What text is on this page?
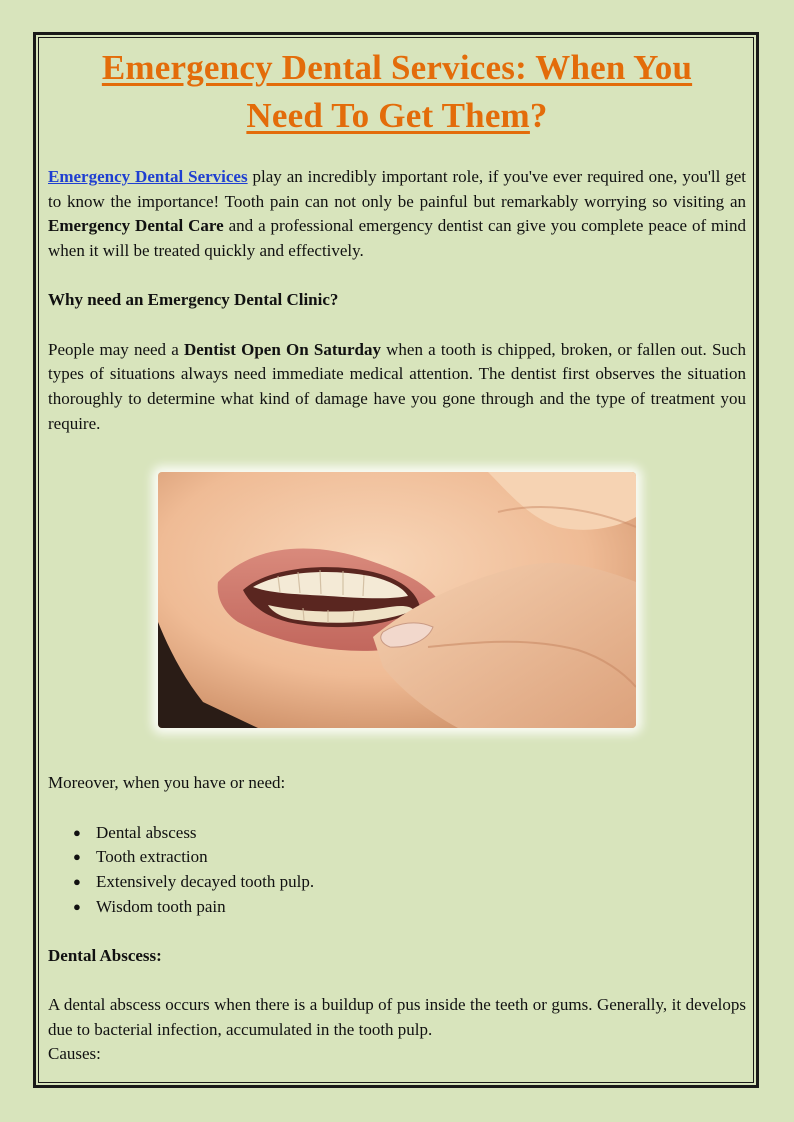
Emergency Dental Services: When You
Need To Get Them?

Emergency Dental Services play an incredibly important role, if you've ever required one, you'll get to know the importance! Tooth pain can not only be painful but remarkably worrying so visiting an Emergency Dental Care and a professional emergency dentist can give you complete peace of mind when it will be treated quickly and effectively.

Why need an Emergency Dental Clinic?

People may need a Dentist Open On Saturday when a tooth is chipped, broken, or fallen out. Such types of situations always need immediate medical attention. The dentist first observes the situation thoroughly to determine what kind of damage have you gone through and the type of treatment you require.

Moreover, when you have or need:

● Dental abscess
● Tooth extraction
● Extensively decayed tooth pulp.
● Wisdom tooth pain

Dental Abscess:

A dental abscess occurs when there is a buildup of pus inside the teeth or gums. Generally, it develops due to bacterial infection, accumulated in the tooth pulp.

Causes:
